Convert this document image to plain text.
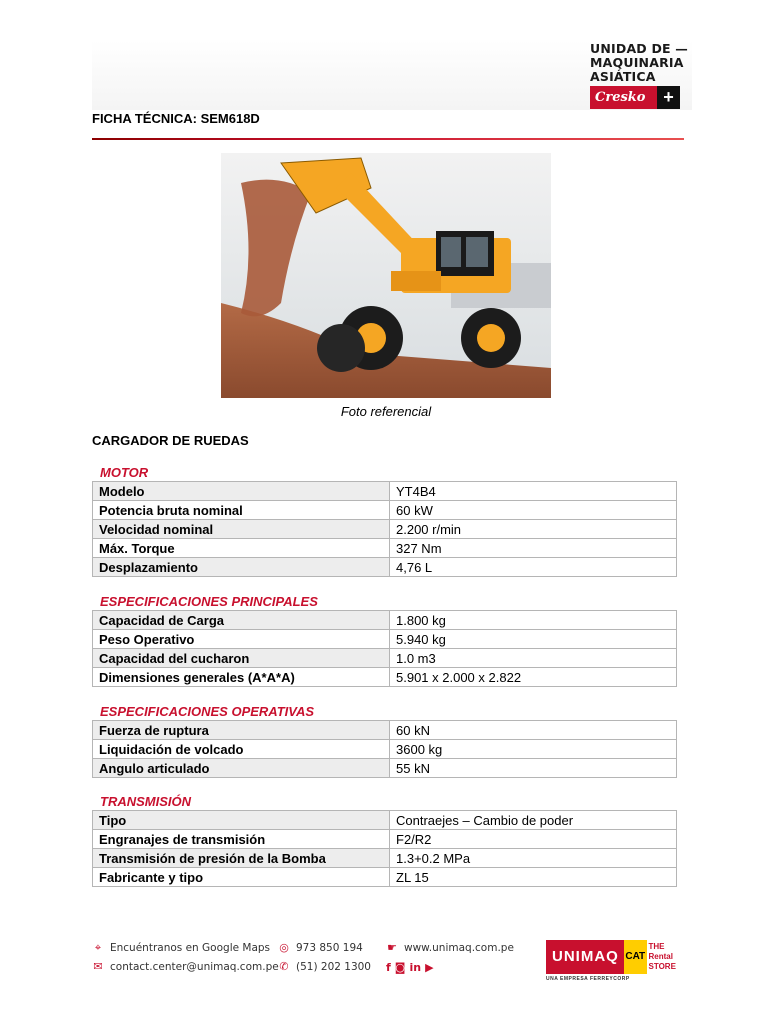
UNIDAD DE —
MAQUINARIA
ASIÁTICA
Cresko +
FICHA TÉCNICA: SEM618D
Foto referencial
CARGADOR DE RUEDAS
MOTOR
Modelo	YT4B4
Potencia bruta nominal	60 kW
Velocidad nominal	2.200 r/min
Máx. Torque	327 Nm
Desplazamiento	4,76 L
ESPECIFICACIONES PRINCIPALES
Capacidad de Carga	1.800 kg
Peso Operativo	5.940 kg
Capacidad del cucharon	1.0 m3
Dimensiones generales (A*A*A)	5.901 x 2.000 x 2.822
ESPECIFICACIONES OPERATIVAS
Fuerza de ruptura	60 kN
Liquidación de volcado	3600 kg
Angulo articulado	55 kN
TRANSMISIÓN
Tipo	Contraejes – Cambio de poder
Engranajes de transmisión	F2/R2
Transmisión de presión de la Bomba	1.3+0.2 MPa
Fabricante y tipo	ZL 15
⌖ Encuéntranos en Google Maps
✉ contact.center@unimaq.com.pe
◎ 973 850 194
✆ (51) 202 1300
☛ www.unimaq.com.pe
f ◙ in ▶
UNIMAQ CAT
THE
Rental
STORE
UNA EMPRESA FERREYCORP
